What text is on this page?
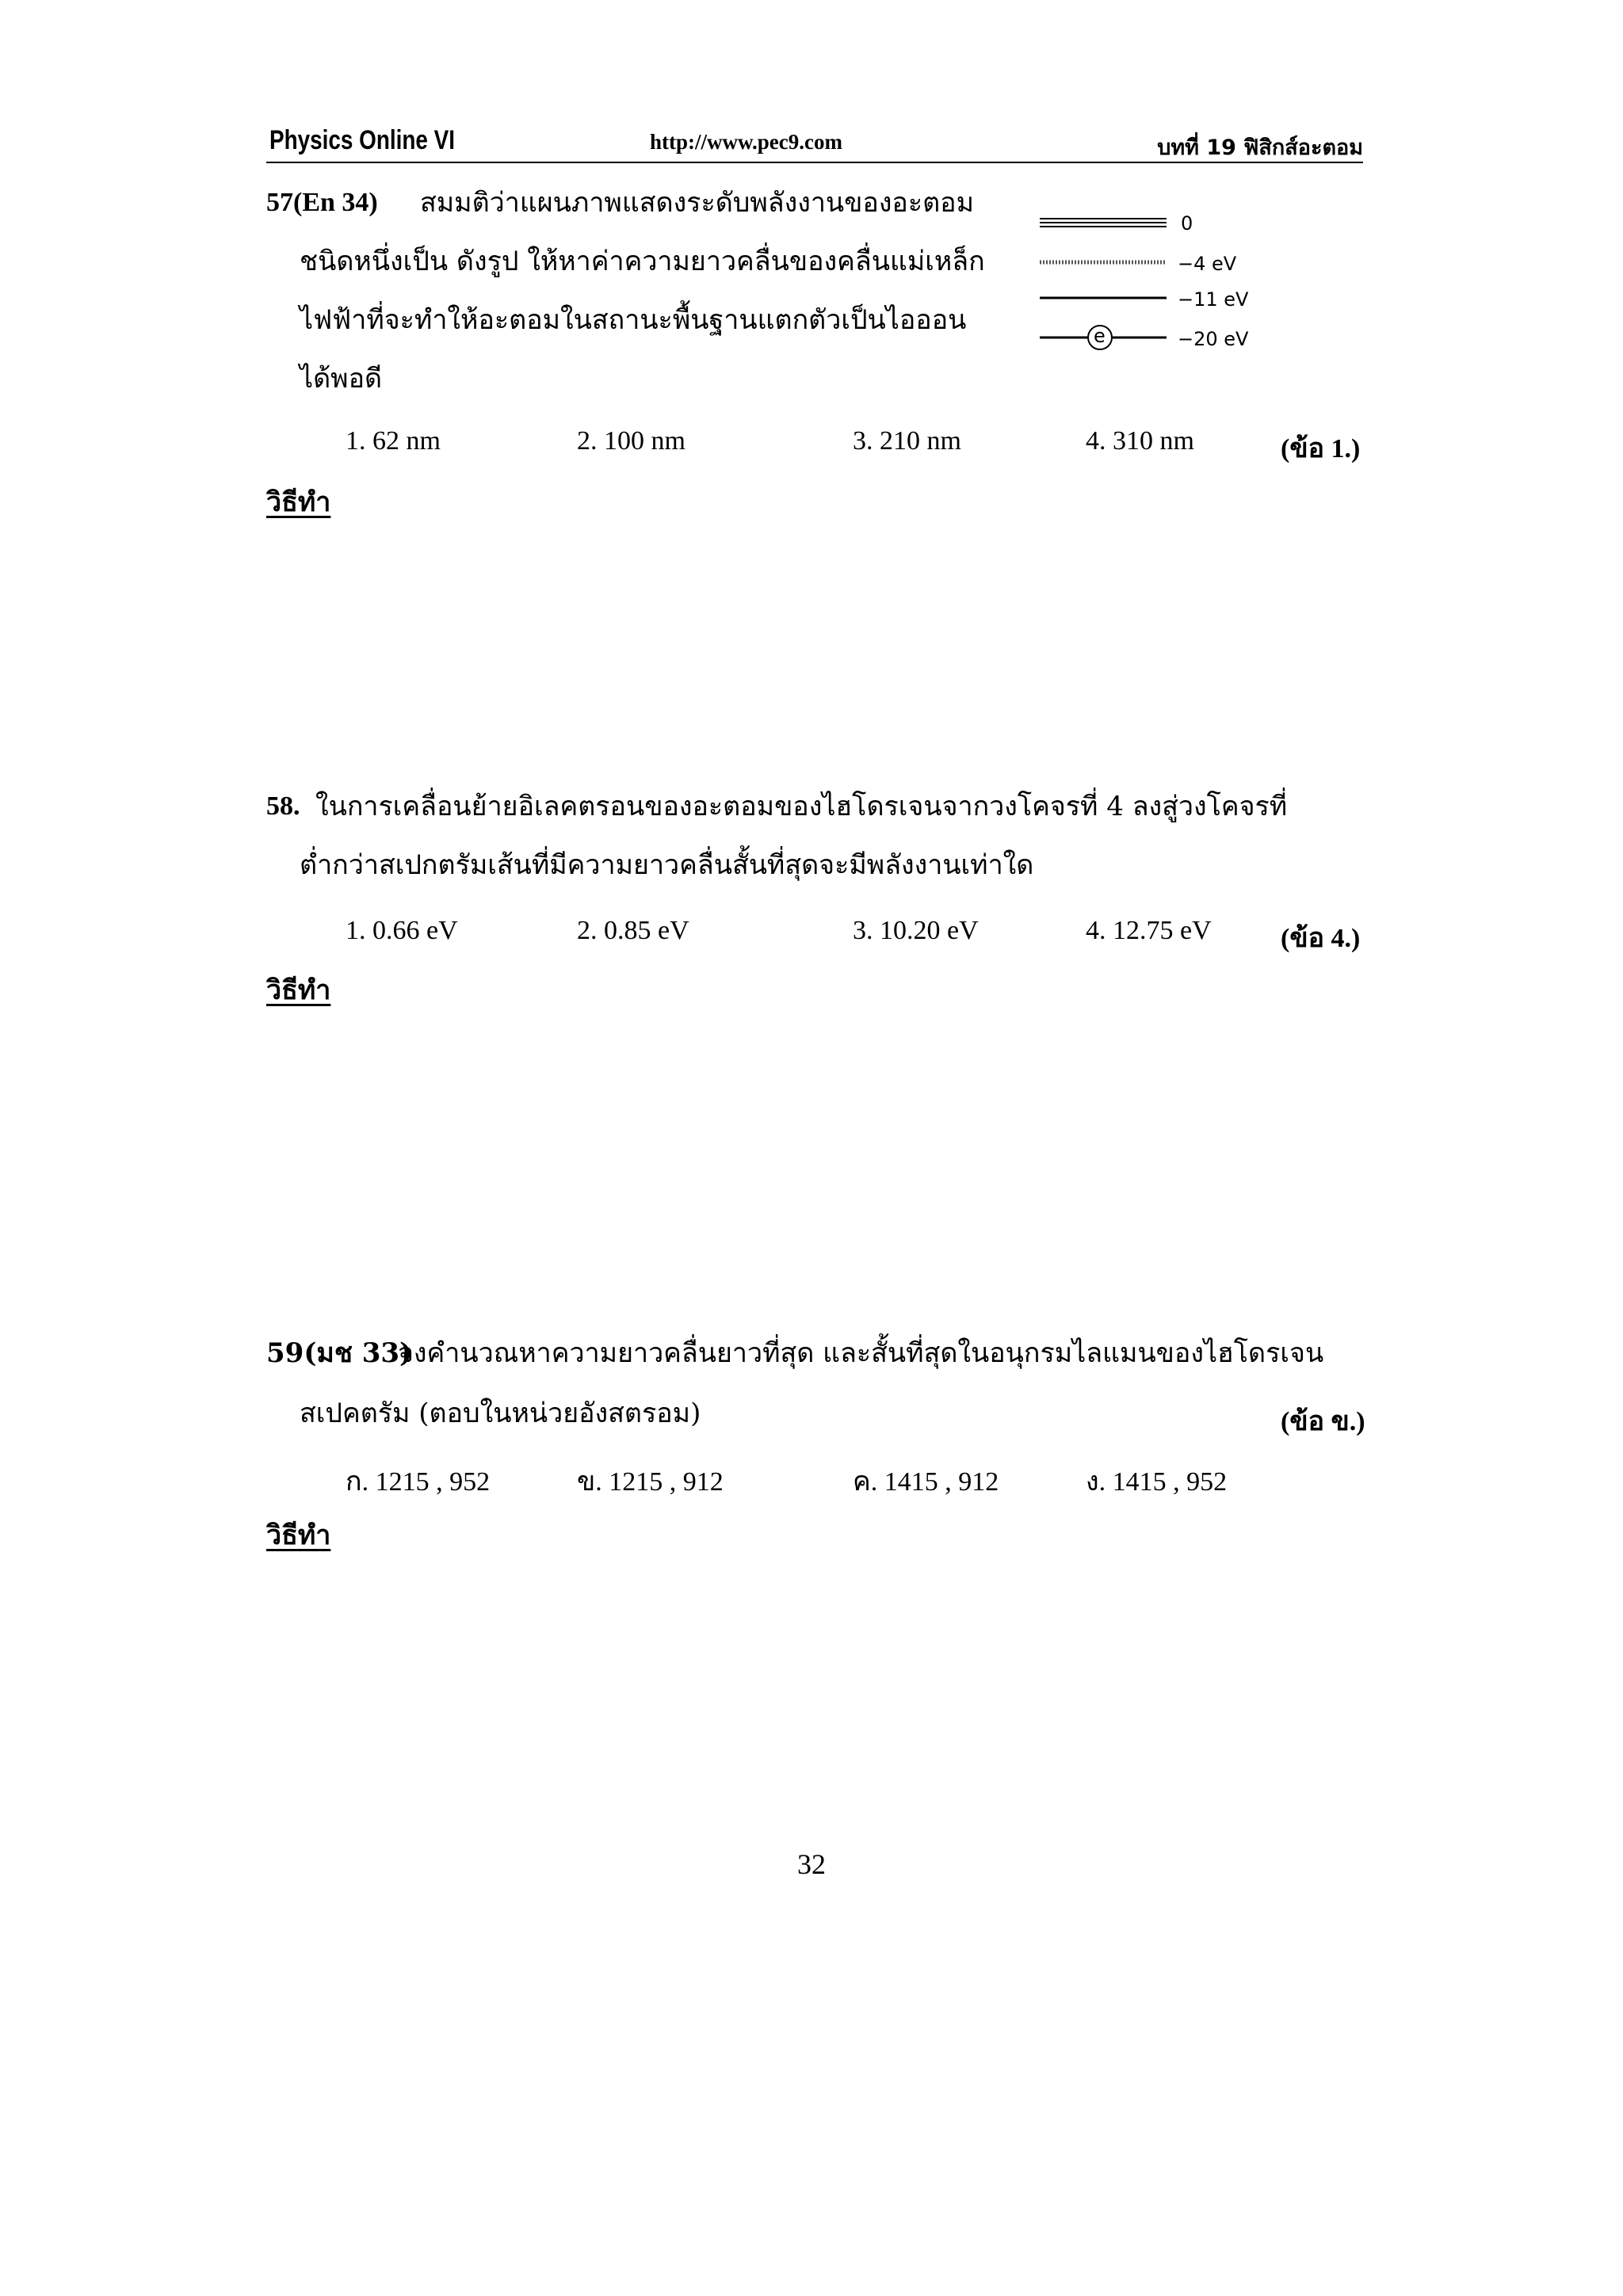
Physics Online VI	http://www.pec9.com	บทที่ 19 ฟิสิกส์อะตอม
57(En 34) สมมติว่าแผนภาพแสดงระดับพลังงานของอะตอม
ชนิดหนึ่งเป็น ดังรูป ให้หาค่าความยาวคลื่นของคลื่นแม่เหล็ก
ไฟฟ้าที่จะทำให้อะตอมในสถานะพื้นฐานแตกตัวเป็นไอออน
ได้พอดี
0
−4 eV
−11 eV
−20 eV
e
1. 62 nm	2. 100 nm	3. 210 nm	4. 310 nm	(ข้อ 1.)
วิธีทำ
58. ในการเคลื่อนย้ายอิเลคตรอนของอะตอมของไฮโดรเจนจากวงโคจรที่ 4 ลงสู่วงโคจรที่
ต่ำกว่าสเปกตรัมเส้นที่มีความยาวคลื่นสั้นที่สุดจะมีพลังงานเท่าใด
1. 0.66 eV	2. 0.85 eV	3. 10.20 eV	4. 12.75 eV	(ข้อ 4.)
วิธีทำ
59(มช 33)
จงคำนวณหาความยาวคลื่นยาวที่สุด และสั้นที่สุดในอนุกรมไลแมนของไฮโดรเจน
สเปคตรัม (ตอบในหน่วยอังสตรอม)	(ข้อ ข.)
ก. 1215 , 952	ข. 1215 , 912	ค. 1415 , 912	ง. 1415 , 952
วิธีทำ
32
